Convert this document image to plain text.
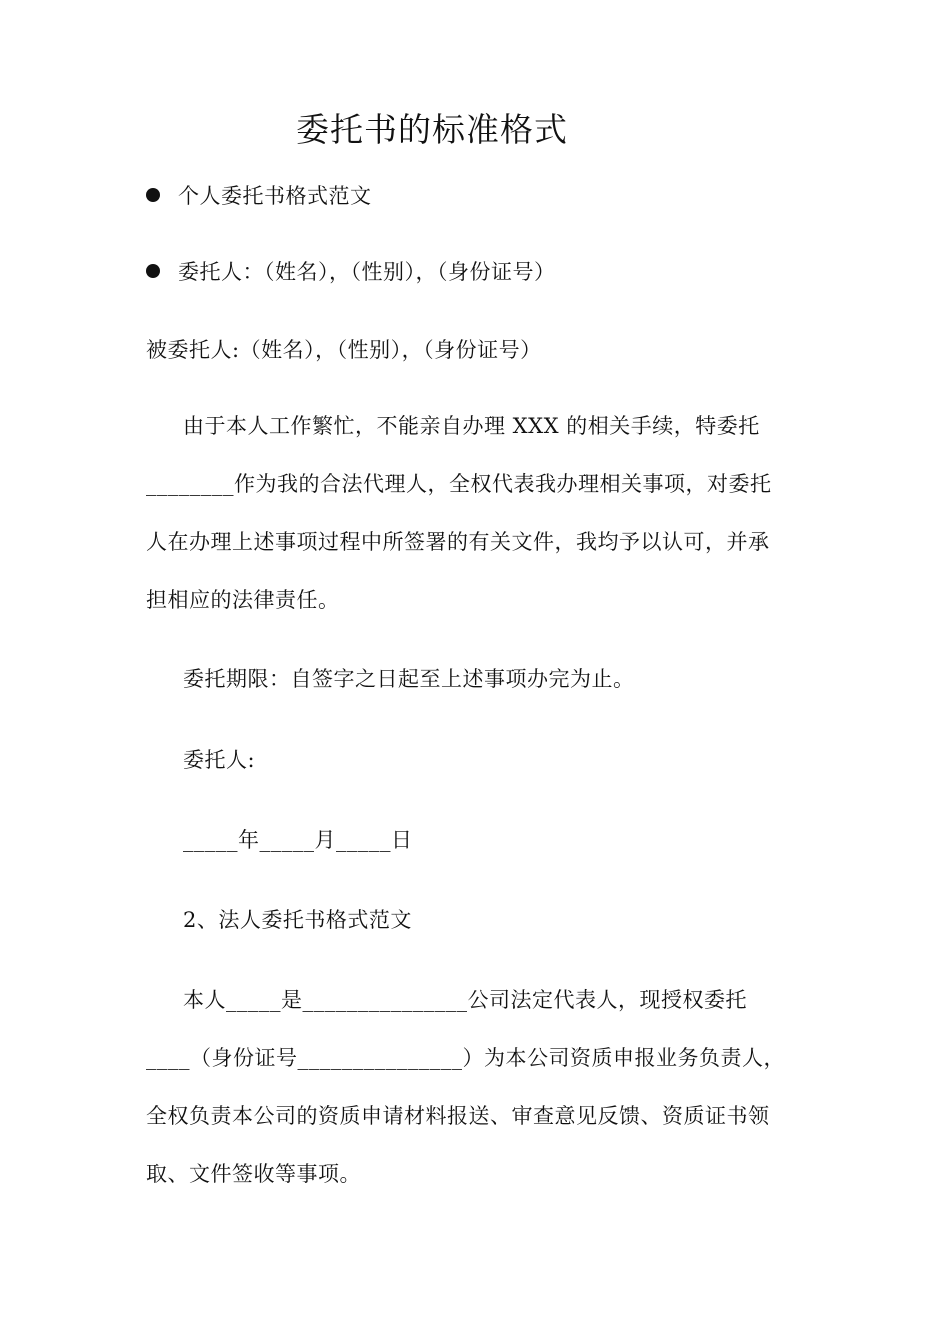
委托书的标准格式
个人委托书格式范文
委托人：（姓名），（性别），（身份证号）
被委托人:（姓名），（性别），（身份证号）
由于本人工作繁忙，不能亲自办理 XXX 的相关手续，特委托
________作为我的合法代理人，全权代表我办理相关事项，对委托
人在办理上述事项过程中所签署的有关文件，我均予以认可，并承
担相应的法律责任。
委托期限：自签字之日起至上述事项办完为止。
委托人:
_____年_____月_____日
2、法人委托书格式范文
本人_____是_______________公司法定代表人，现授权委托
____（身份证号_______________）为本公司资质申报业务负责人，
全权负责本公司的资质申请材料报送、审查意见反馈、资质证书领
取、文件签收等事项。
